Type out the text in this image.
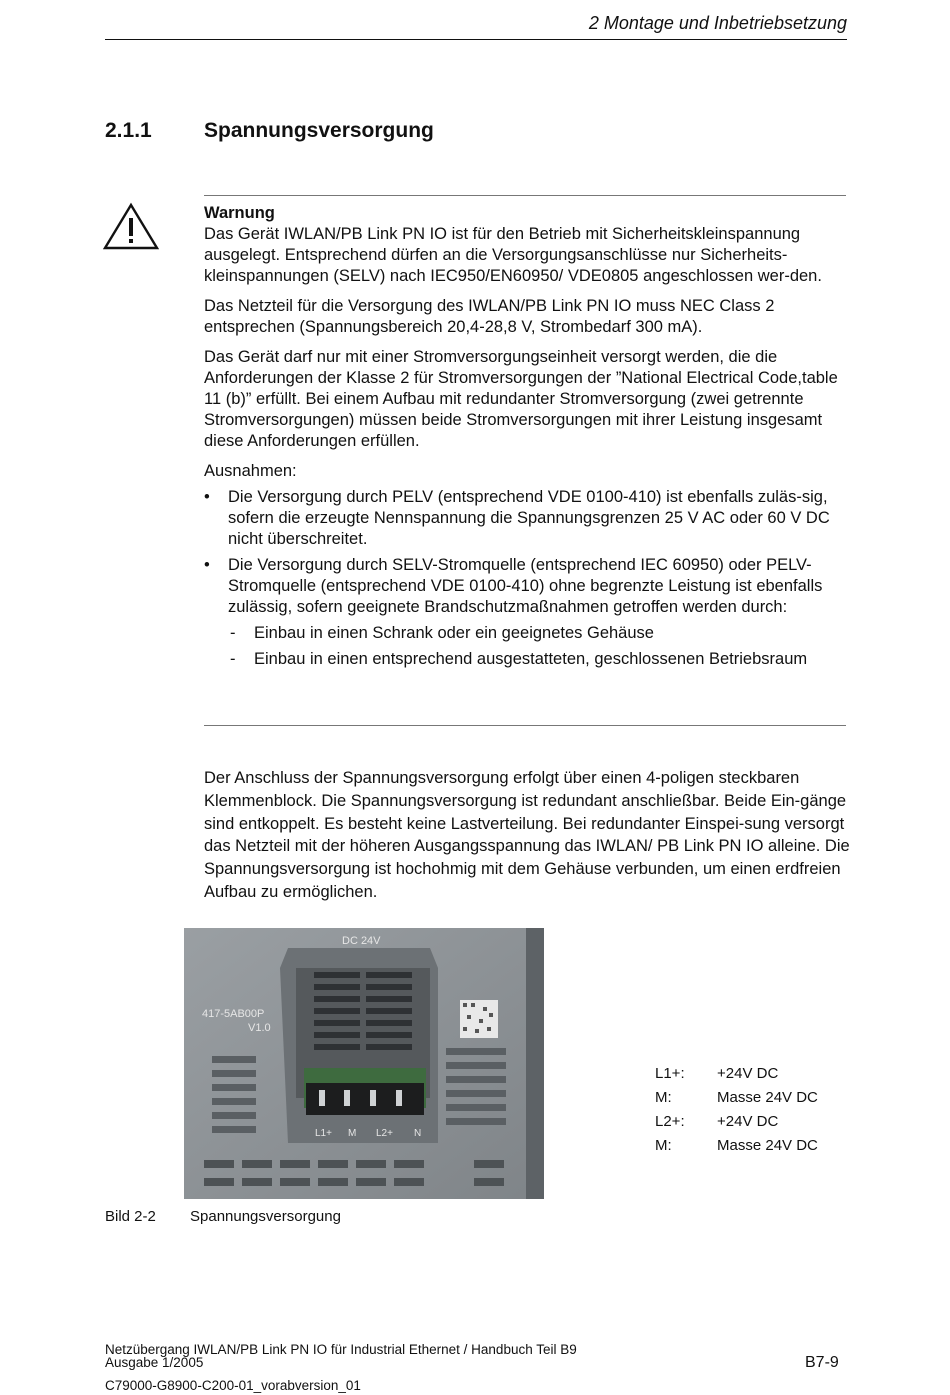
2 Montage und Inbetriebsetzung
2.1.1 Spannungsversorgung

Warnung

Das Gerät IWLAN/PB Link PN IO ist für den Betrieb mit Sicherheitskleinspannung ausgelegt. Entsprechend dürfen an die Versorgungsanschlüsse nur Sicherheits-kleinspannungen (SELV) nach IEC950/EN60950/ VDE0805 angeschlossen wer-den.

Das Netzteil für die Versorgung des IWLAN/PB Link PN IO muss NEC Class 2 entsprechen (Spannungsbereich 20,4-28,8 V, Strombedarf 300 mA).

Das Gerät darf nur mit einer Stromversorgungseinheit versorgt werden, die die Anforderungen der Klasse 2 für Stromversorgungen der ”National Electrical Code,table 11 (b)” erfüllt. Bei einem Aufbau mit redundanter Stromversorgung (zwei getrennte Stromversorgungen) müssen beide Stromversorgungen mit ihrer Leistung insgesamt diese Anforderungen erfüllen.

Ausnahmen:

• Die Versorgung durch PELV (entsprechend VDE 0100-410) ist ebenfalls zuläs-sig, sofern die erzeugte Nennspannung die Spannungsgrenzen 25 V AC oder 60 V DC nicht überschreitet.
• Die Versorgung durch SELV-Stromquelle (entsprechend IEC 60950) oder PELV-Stromquelle (entsprechend VDE 0100-410) ohne begrenzte Leistung ist ebenfalls zulässig, sofern geeignete Brandschutzmaßnahmen getroffen werden durch:
- Einbau in einen Schrank oder ein geeignetes Gehäuse
- Einbau in einen entsprechend ausgestatteten, geschlossenen Betriebsraum

Der Anschluss der Spannungsversorgung erfolgt über einen 4-poligen steckbaren Klemmenblock. Die Spannungsversorgung ist redundant anschließbar. Beide Ein-gänge sind entkoppelt. Es besteht keine Lastverteilung. Bei redundanter Einspei-sung versorgt das Netzteil mit der höheren Ausgangsspannung das IWLAN/ PB Link PN IO alleine. Die Spannungsversorgung ist hochohmig mit dem Gehäuse verbunden, um einen erdfreien Aufbau zu ermöglichen.

DC 24V
417-5AB00P
V1.0
L1+ M L2+ N
L1+:	+24V DC
M:	Masse 24V DC
L2+:	+24V DC
M:	Masse 24V DC
Bild 2-2 Spannungsversorgung
Netzübergang IWLAN/PB Link PN IO für Industrial Ethernet / Handbuch Teil B9
Ausgabe 1/2005
C79000-G8900-C200-01_vorabversion_01
B7-9
